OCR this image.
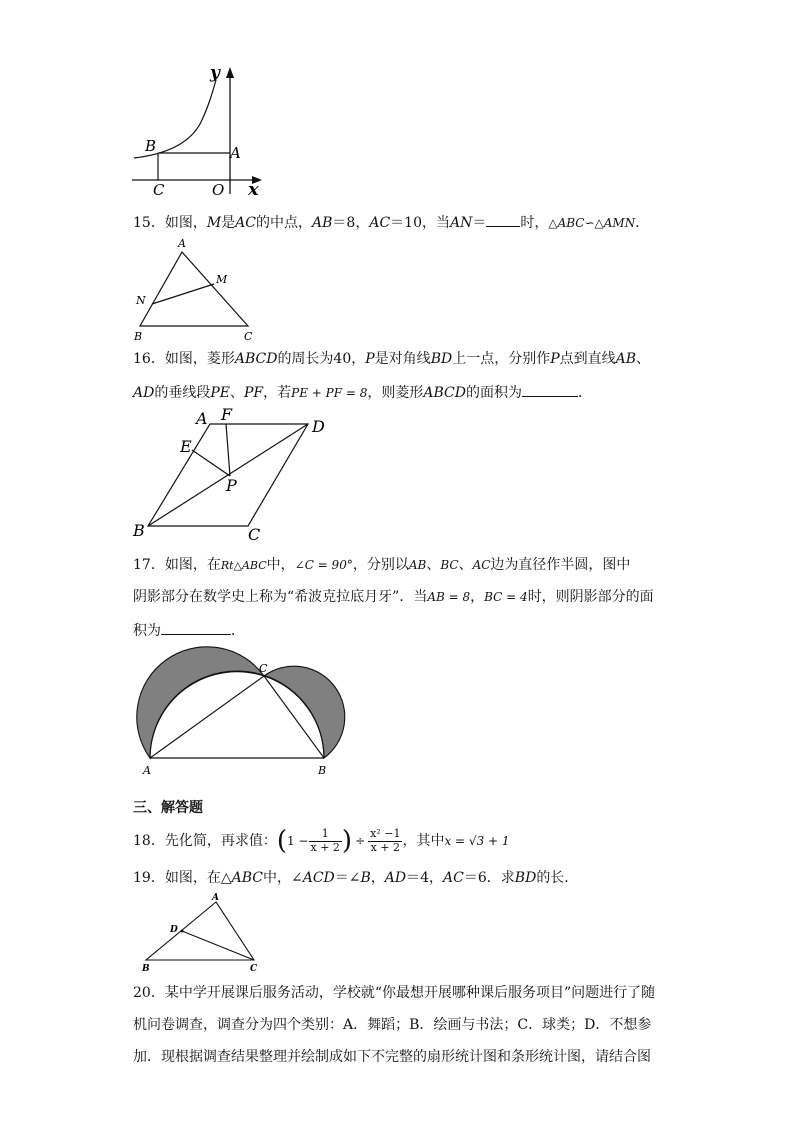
y
x
B	A
C	O
15．如图，M是AC的中点，AB＝8，AC＝10，当AN＝ 时，△ABC∽△AMN．
A
M
N
B	C
16．如图，菱形ABCD的周长为40，P是对角线BD上一点，分别作P点到直线AB、
AD的垂线段PE、PF，若PE + PF = 8，则菱形ABCD的面积为	．
A F
D
E
P
B	C
17．如图，在Rt△ABC中，∠C = 90°，分别以AB、BC、AC边为直径作半圆，图中
阴影部分在数学史上称为“希波克拉底月牙”．当AB = 8，BC = 4时，则阴影部分的面
积为	．
C
A	B
三、解答题
18．先化简，再求值：($1 - \frac{1}{x + 2}$ ) ÷ $\frac{\text{x² −1}}{x + 2}$ ，其中x = √3 + 1
19．如图，在△ABC中，∠ACD＝∠B，AD＝4，AC＝6．求BD的长．
A
D
B	C
20．某中学开展课后服务活动，学校就“你最想开展哪种课后服务项目”问题进行了随
机问卷调查，调查分为四个类别：A．舞蹈；B．绘画与书法；C．球类；D．不想参
加．现根据调查结果整理并绘制成如下不完整的扇形统计图和条形统计图，请结合图
